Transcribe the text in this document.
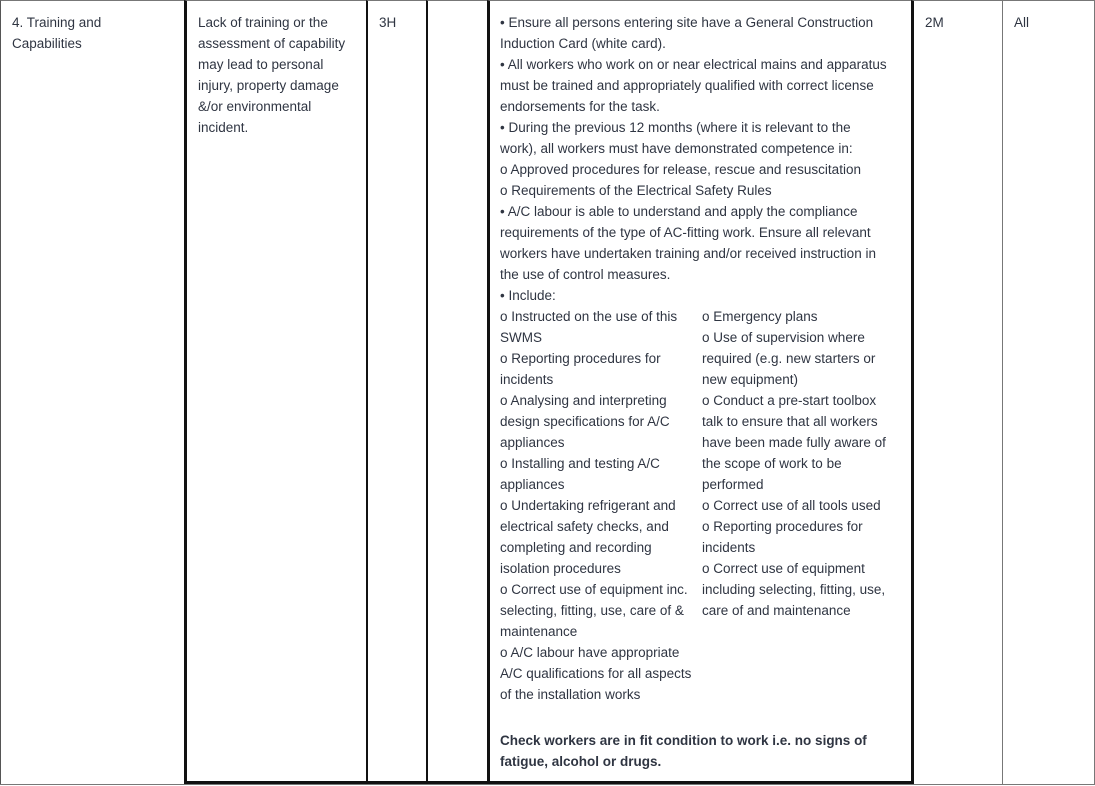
4. Training and
Capabilities
Lack of training or the
assessment of capability
may lead to personal
injury, property damage
&/or environmental
incident.
3H	• Ensure all persons entering site have a General Construction
Induction Card (white card).
• All workers who work on or near electrical mains and apparatus
must be trained and appropriately qualified with correct license
endorsements for the task.
• During the previous 12 months (where it is relevant to the
work), all workers must have demonstrated competence in:
o Approved procedures for release, rescue and resuscitation
o Requirements of the Electrical Safety Rules
• A/C labour is able to understand and apply the compliance
requirements of the type of AC-fitting work. Ensure all relevant
workers have undertaken training and/or received instruction in
the use of control measures.
• Include:
o Instructed on the use of this
SWMS
o Reporting procedures for
incidents
o Analysing and interpreting
design specifications for A/C
appliances
o Installing and testing A/C
appliances
o Undertaking refrigerant and
electrical safety checks, and
completing and recording
isolation procedures
o Correct use of equipment inc.
selecting, fitting, use, care of &
maintenance
o A/C labour have appropriate
A/C qualifications for all aspects
of the installation works
o Emergency plans
o Use of supervision where
required (e.g. new starters or
new equipment)
o Conduct a pre-start toolbox
talk to ensure that all workers
have been made fully aware of
the scope of work to be
performed
o Correct use of all tools used
o Reporting procedures for
incidents
o Correct use of equipment
including selecting, fitting, use,
care of and maintenance
Check workers are in fit condition to work i.e. no signs of
fatigue, alcohol or drugs.
2M	All
